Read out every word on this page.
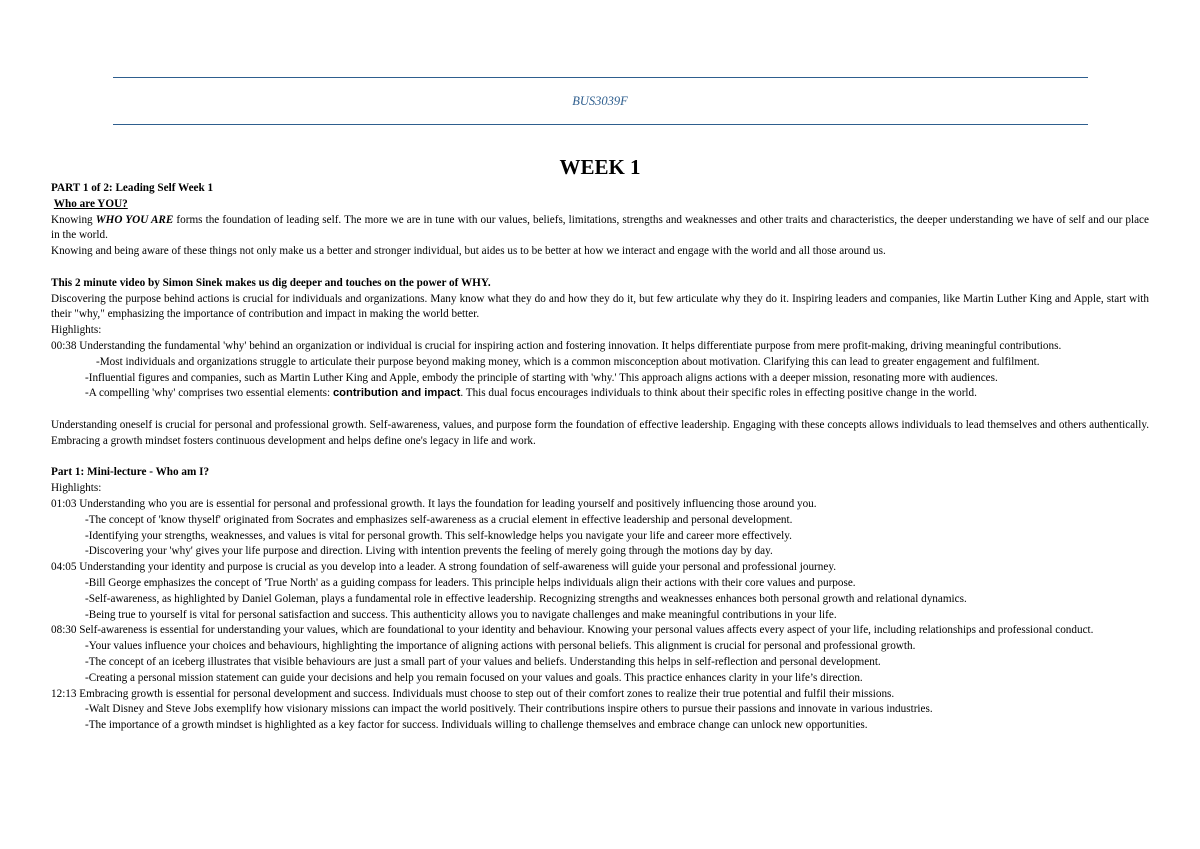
BUS3039F
WEEK 1

PART 1 of 2: Leading Self Week 1

Who are YOU?

Knowing WHO YOU ARE forms the foundation of leading self. The more we are in tune with our values, beliefs, limitations, strengths and weaknesses and other traits and characteristics, the deeper understanding we have of self and our place in the world.

Knowing and being aware of these things not only make us a better and stronger individual, but aides us to be better at how we interact and engage with the world and all those around us.

This 2 minute video by Simon Sinek makes us dig deeper and touches on the power of WHY.

Discovering the purpose behind actions is crucial for individuals and organizations. Many know what they do and how they do it, but few articulate why they do it. Inspiring leaders and companies, like Martin Luther King and Apple, start with their "why," emphasizing the importance of contribution and impact in making the world better.

Highlights:

00:38 Understanding the fundamental 'why' behind an organization or individual is crucial for inspiring action and fostering innovation. It helps differentiate purpose from mere profit-making, driving meaningful contributions.

-Most individuals and organizations struggle to articulate their purpose beyond making money, which is a common misconception about motivation. Clarifying this can lead to greater engagement and fulfilment.

-Influential figures and companies, such as Martin Luther King and Apple, embody the principle of starting with 'why.' This approach aligns actions with a deeper mission, resonating more with audiences.

-A compelling 'why' comprises two essential elements: contribution and impact. This dual focus encourages individuals to think about their specific roles in effecting positive change in the world.

Understanding oneself is crucial for personal and professional growth. Self-awareness, values, and purpose form the foundation of effective leadership. Engaging with these concepts allows individuals to lead themselves and others authentically. Embracing a growth mindset fosters continuous development and helps define one's legacy in life and work.

Part 1: Mini-lecture - Who am I?

Highlights:

01:03 Understanding who you are is essential for personal and professional growth. It lays the foundation for leading yourself and positively influencing those around you.

-The concept of 'know thyself' originated from Socrates and emphasizes self-awareness as a crucial element in effective leadership and personal development.

-Identifying your strengths, weaknesses, and values is vital for personal growth. This self-knowledge helps you navigate your life and career more effectively.

-Discovering your 'why' gives your life purpose and direction. Living with intention prevents the feeling of merely going through the motions day by day.

04:05 Understanding your identity and purpose is crucial as you develop into a leader. A strong foundation of self-awareness will guide your personal and professional journey.

-Bill George emphasizes the concept of 'True North' as a guiding compass for leaders. This principle helps individuals align their actions with their core values and purpose.

-Self-awareness, as highlighted by Daniel Goleman, plays a fundamental role in effective leadership. Recognizing strengths and weaknesses enhances both personal growth and relational dynamics.

-Being true to yourself is vital for personal satisfaction and success. This authenticity allows you to navigate challenges and make meaningful contributions in your life.

08:30 Self-awareness is essential for understanding your values, which are foundational to your identity and behaviour. Knowing your personal values affects every aspect of your life, including relationships and professional conduct.

-Your values influence your choices and behaviours, highlighting the importance of aligning actions with personal beliefs. This alignment is crucial for personal and professional growth.

-The concept of an iceberg illustrates that visible behaviours are just a small part of your values and beliefs. Understanding this helps in self-reflection and personal development.

-Creating a personal mission statement can guide your decisions and help you remain focused on your values and goals. This practice enhances clarity in your life’s direction.

12:13 Embracing growth is essential for personal development and success. Individuals must choose to step out of their comfort zones to realize their true potential and fulfil their missions.

-Walt Disney and Steve Jobs exemplify how visionary missions can impact the world positively. Their contributions inspire others to pursue their passions and innovate in various industries.

-The importance of a growth mindset is highlighted as a key factor for success. Individuals willing to challenge themselves and embrace change can unlock new opportunities.
